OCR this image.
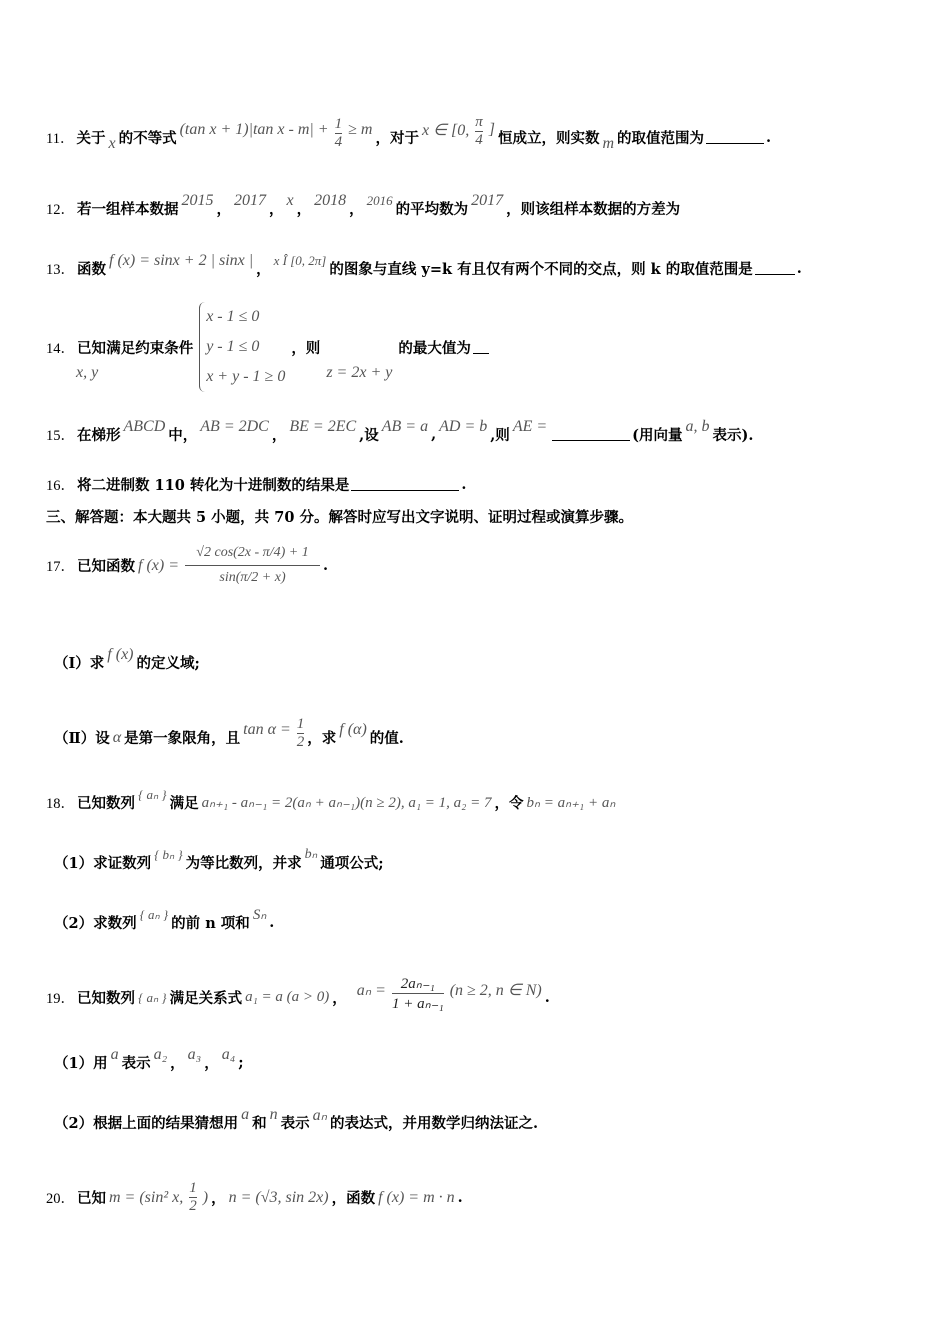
11． 关于 x 的不等式
(tan x + 1)|tan $x - m| + \frac{1}{4} \ge m$
，对于 x ∈ [0, $\frac{\pi}{4}$ ]
恒成立，则实数 m 的取值范围为	.
12． 若一组样本数据
2015
，
2017
，
x
，
2018
，
2016
的平均数为
2017
，则该组样本数据的方差为
13． 函数
f (x) = sinx + 2 | sinx |
，
x Î [0, 2π]
的图象与直线 y=k 有且仅有两个不同的交点，则 k 的取值范围是	.
14． 已知
x, y
满足约束条件
x - 1 ≤ 0
y - 1 ≤ 0
x + y - 1 ≥ 0
，则
z = 2x + y
的最大值为
15． 在梯形
ABCD
中，
AB = 2DC
，
BE = 2EC
,设
AB = a , AD = b
,则
AE =
(用向量
a, b
表示).
16． 将二进制数 110 转化为十进制数的结果是	.
三、解答题：本大题共 5 小题，共 70 分。解答时应写出文字说明、证明过程或演算步骤。
17． 已知函数 f $(x) = \frac{√2 \cos(2x - \pi/4) + 1}{\sin(\pi/2 + x)}$ .
（Ⅰ）求
f (x)
的定义域;
（Ⅱ）设 α 是第一象限角，且
$\tan \alpha = \frac{1}{2}$ ，求
f (α)
的值.
18． 已知数列
{ aₙ }
满足 aₙ₊₁ - aₙ₋₁ = 2(aₙ + aₙ₋₁)(n ≥ 2), a₁ = 1, a₂ = 7 ，令 bₙ = aₙ₊₁ + aₙ
（1）求证数列
{ bₙ }
为等比数列，并求
bₙ
通项公式;
（2）求数列
{ aₙ }
的前 n 项和 Sₙ .
19． 已知数列 { aₙ } 满足关系式 a₁ = a (a > 0) ， $a_n = \frac{\text{2aₙ₋₁}}{\text{1 + aₙ₋₁}} (n \ge 2$, n ∈ N) .
（1）用
a
表示
a₂
，
a₃
，
a₄ ;
（2）根据上面的结果猜想用
a
和
n
表示 aₙ 的表达式，并用数学归纳法证之.
20． 已知 m = (sin² x, $\frac{1}{2}$ ) ， n = (√3, sin 2x) ，函数 f (x) = m · n .
